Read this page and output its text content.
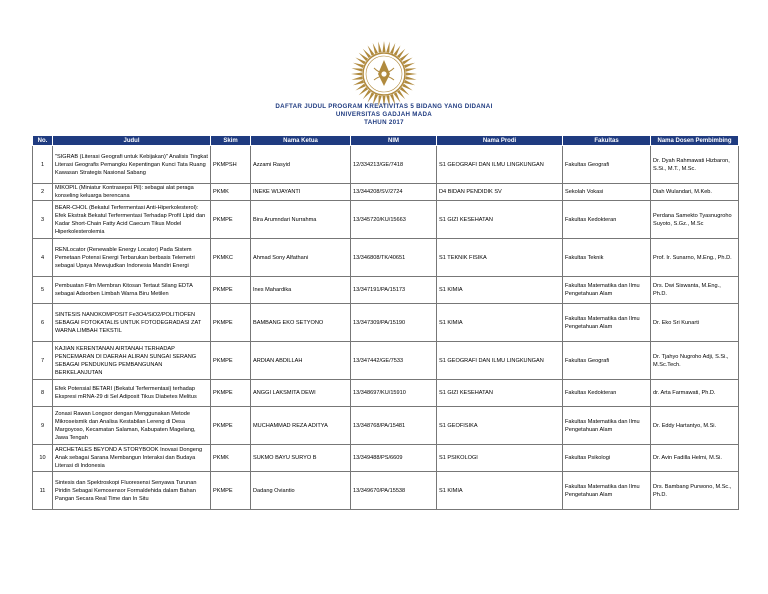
DAFTAR JUDUL PROGRAM KREATIVITAS 5 BIDANG YANG DIDANAI
UNIVERSITAS GADJAH MADA
TAHUN 2017
No.	Judul	Skim	Nama Ketua	NIM	Nama Prodi	Fakultas	Nama Dosen Pembimbing
1	"SIGRAB (Literasi Geografi untuk Kebijakan)" Analisis Tingkat Literasi Geografis Pemangku Kepentingan Kunci Tata Ruang Kawasan Strategis Nasional Sabang	PKMPSH	Azzami Rasyid	12/334213/GE/7418	S1 GEOGRAFI DAN ILMU LINGKUNGAN	Fakultas Geografi	Dr. Dyah Rahmawati Hizbaron, S.Si., M.T., M.Sc.
2	MIKOPIL (Miniatur Kontrasepsi Pil): sebagai alat peraga konseling keluarga berencana	PKMK	INEKE WIJAYANTI	13/344208/SV/2724	D4 BIDAN PENDIDIK SV	Sekolah Vokasi	Diah Wulandari, M.Keb.
3	BEAR-CHOL (Bekatul Terfermentasi Anti-Hiperkolesterol): Efek Ekstrak Bekatul Terfermentasi Terhadap Profil Lipid dan Kadar Short-Chain Fatty Acid Caecum Tikus Model Hiperkolesterolemia	PKMPE	Bira Arumndari Nurrahma	13/345720/KU/15663	S1 GIZI KESEHATAN	Fakultas Kedokteran	Perdana Samekto Tyasnugroho Suyoto, S.Gz., M.Sc
4	RENLocator (Renewable Energy Locator) Pada Sistem Pemetaan Potensi Energi Terbarukan berbasis Telemetri sebagai Upaya Mewujudkan Indonesia Mandiri Energi	PKMKC	Ahmad Sony Alfathani	13/346808/TK/40651	S1 TEKNIK FISIKA	Fakultas Teknik	Prof. Ir. Sunarno, M.Eng., Ph.D.
5	Pembuatan Film Membran Kitosan Tertaut Silang EDTA sebagai Adsorben Limbah Warna Biru Metilen	PKMPE	Ines Mahardika	13/347191/PA/15173	S1 KIMIA	Fakultas Matematika dan Ilmu Pengetahuan Alam	Drs. Dwi Siswanta, M.Eng., Ph.D.
6	SINTESIS NANOKOMPOSIT Fe3O4/SiO2/POLITIOFEN SEBAGAI FOTOKATALIS UNTUK FOTODEGRADASI ZAT WARNA LIMBAH TEKSTIL	PKMPE	BAMBANG EKO SETYONO	13/347309/PA/15190	S1 KIMIA	Fakultas Matematika dan Ilmu Pengetahuan Alam	Dr. Eko Sri Kunarti
7	KAJIAN KERENTANAN AIRTANAH TERHADAP PENCEMARAN DI DAERAH ALIRAN SUNGAI SERANG SEBAGAI PENDUKUNG PEMBANGUNAN BERKELANJUTAN	PKMPE	ARDIAN ABDILLAH	13/347442/GE/7533	S1 GEOGRAFI DAN ILMU LINGKUNGAN	Fakultas Geografi	Dr. Tjahyo Nugroho Adji, S.Si., M.Sc.Tech.
8	Efek Potensial BETARI (Bekatul Terfermentasi) terhadap Ekspresi mRNA-29 di Sel Adiposit Tikus Diabetes Melitus	PKMPE	ANGGI LAKSMITA DEWI	13/348697/KU/15910	S1 GIZI KESEHATAN	Fakultas Kedokteran	dr. Arta Farmawati, Ph.D.
9	Zonasi Rawan Longsor dengan Menggunakan Metode Mikroseismik dan Analisa Kestabilan Lereng di Desa Margoyoso, Kecamatan Salaman, Kabupaten Magelang, Jawa Tengah	PKMPE	MUCHAMMAD REZA ADITYA	13/348768/PA/15481	S1 GEOFISIKA	Fakultas Matematika dan Ilmu Pengetahuan Alam	Dr. Eddy Hartantyo, M.Si.
10	ARCHETALES BEYOND A STORYBOOK Inovasi Dongeng Anak sebagai Sarana Membangun Interaksi dan Budaya Literasi di Indonesia	PKMK	SUKMO BAYU SURYO B	13/349488/PS/6609	S1 PSIKOLOGI	Fakultas Psikologi	Dr. Avin Fadilla Helmi, M.Si.
11	Sintesis dan Spektroskopi Fluoresensi Senyawa Turunan Piridin Sebagai Kemosensor Formaldehida dalam Bahan Pangan Secara Real Time dan In Situ	PKMPE	Dadang Oviantio	13/349670/PA/15538	S1 KIMIA	Fakultas Matematika dan Ilmu Pengetahuan Alam	Drs. Bambang Purwono, M.Sc., Ph.D.
